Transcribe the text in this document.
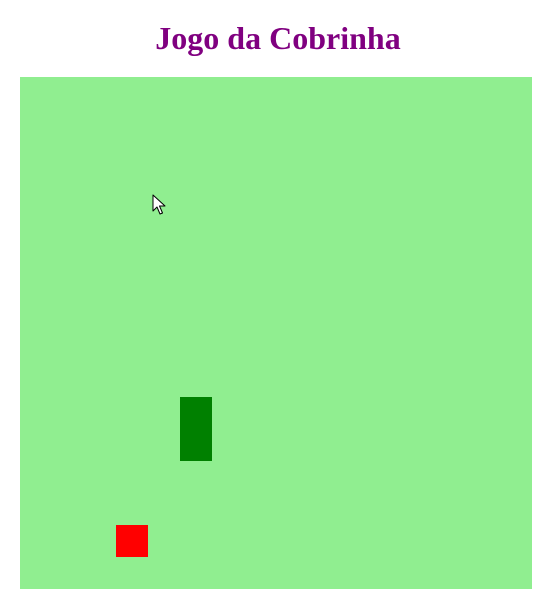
Jogo da Cobrinha
